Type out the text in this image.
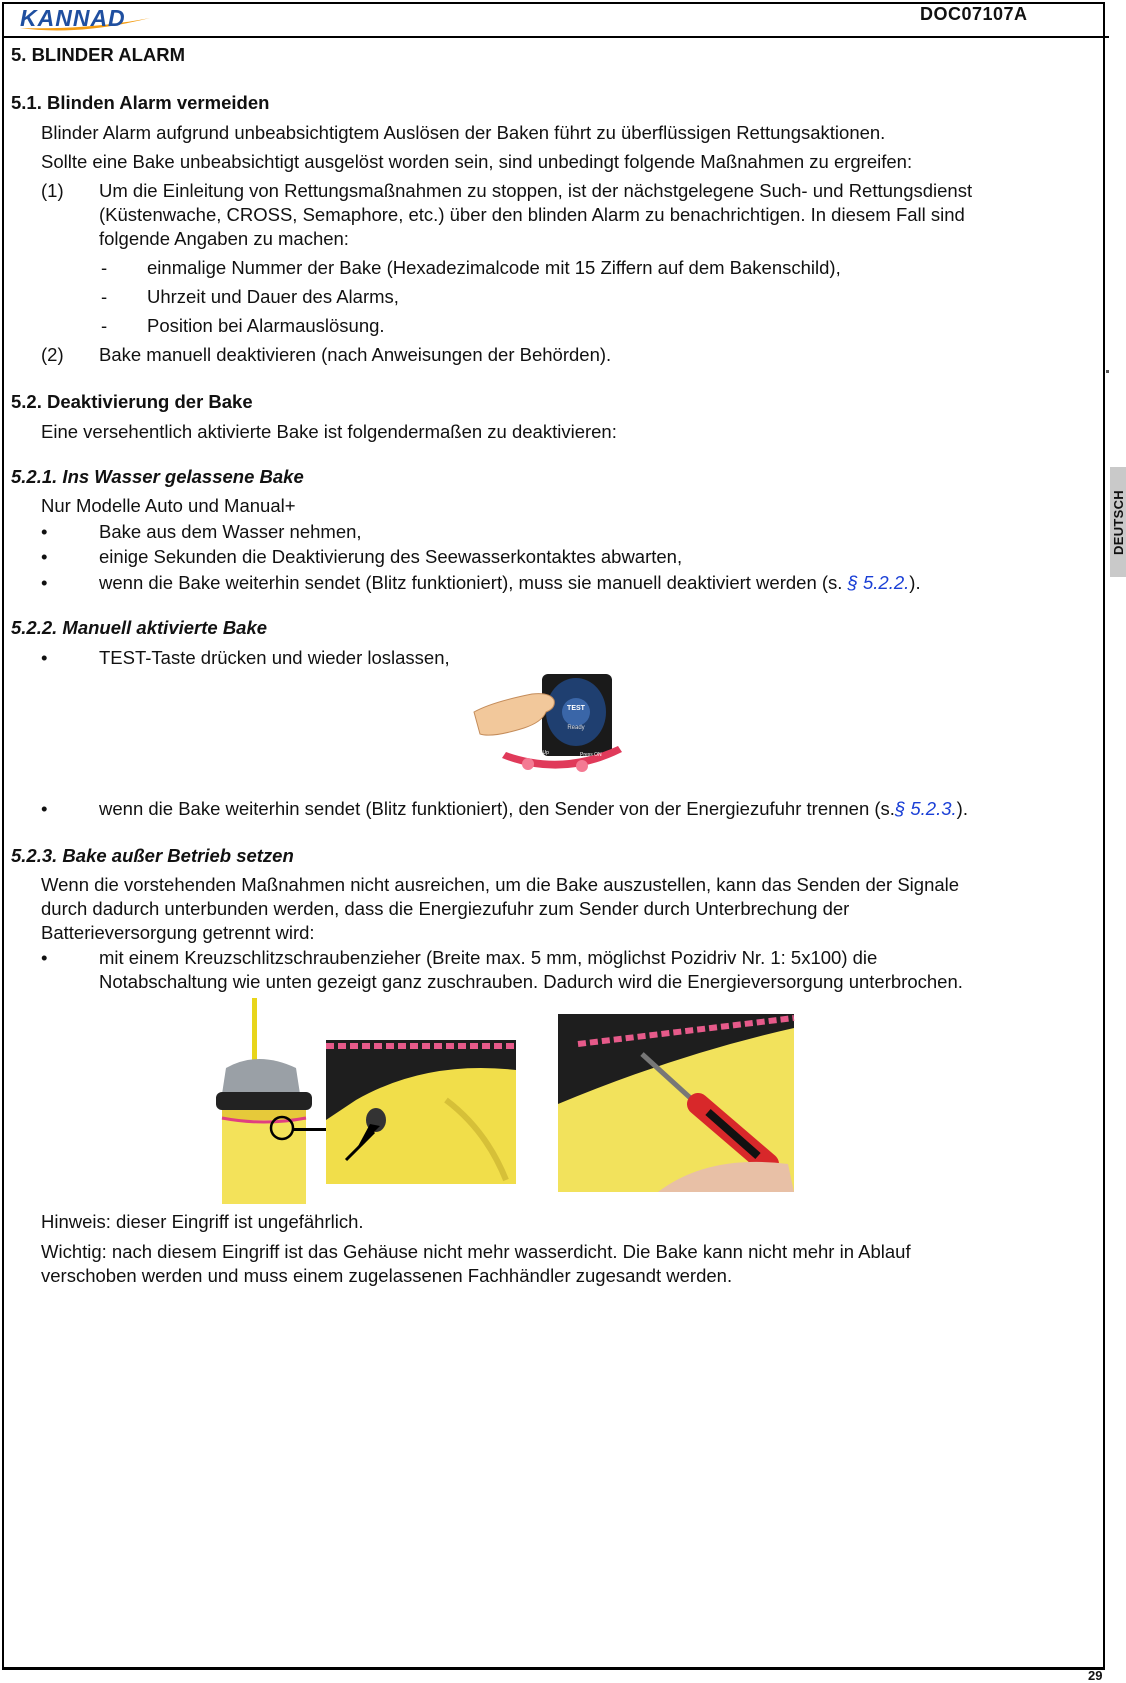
KANNAD	DOC07107A
DEUTSCH
29
5. BLINDER ALARM
5.1. Blinden Alarm vermeiden
Blinder Alarm aufgrund unbeabsichtigtem Auslösen der Baken führt zu überflüssigen Rettungsaktionen.
Sollte eine Bake unbeabsichtigt ausgelöst worden sein, sind unbedingt folgende Maßnahmen zu ergreifen:
(1) Um die Einleitung von Rettungsmaßnahmen zu stoppen, ist der nächstgelegene Such- und Rettungsdienst
(Küstenwache, CROSS, Semaphore, etc.) über den blinden Alarm zu benachrichtigen. In diesem Fall sind
folgende Angaben zu machen:
- einmalige Nummer der Bake (Hexadezimalcode mit 15 Ziffern auf dem Bakenschild),
- Uhrzeit und Dauer des Alarms,
- Position bei Alarmauslösung.
(2) Bake manuell deaktivieren (nach Anweisungen der Behörden).
5.2. Deaktivierung der Bake
Eine versehentlich aktivierte Bake ist folgendermaßen zu deaktivieren:
5.2.1. Ins Wasser gelassene Bake
Nur Modelle Auto und Manual+
•	Bake aus dem Wasser nehmen,
•	einige Sekunden die Deaktivierung des Seewasserkontaktes abwarten,
•	wenn die Bake weiterhin sendet (Blitz funktioniert), muss sie manuell deaktiviert werden (s. § 5.2.2.).
5.2.2. Manuell aktivierte Bake
•	TEST-Taste drücken und wieder loslassen,
TEST
Ready
Slide Up	Press ON
•	wenn die Bake weiterhin sendet (Blitz funktioniert), den Sender von der Energiezufuhr trennen (s.§ 5.2.3.).
5.2.3. Bake außer Betrieb setzen
Wenn die vorstehenden Maßnahmen nicht ausreichen, um die Bake auszustellen, kann das Senden der Signale
durch dadurch unterbunden werden, dass die Energiezufuhr zum Sender durch Unterbrechung der
Batterieversorgung getrennt wird:
•	mit einem Kreuzschlitzschraubenzieher (Breite max. 5 mm, möglichst Pozidriv Nr. 1: 5x100) die
Notabschaltung wie unten gezeigt ganz zuschrauben. Dadurch wird die Energieversorgung unterbrochen.
Hinweis: dieser Eingriff ist ungefährlich.
Wichtig: nach diesem Eingriff ist das Gehäuse nicht mehr wasserdicht. Die Bake kann nicht mehr in Ablauf
verschoben werden und muss einem zugelassenen Fachhändler zugesandt werden.
